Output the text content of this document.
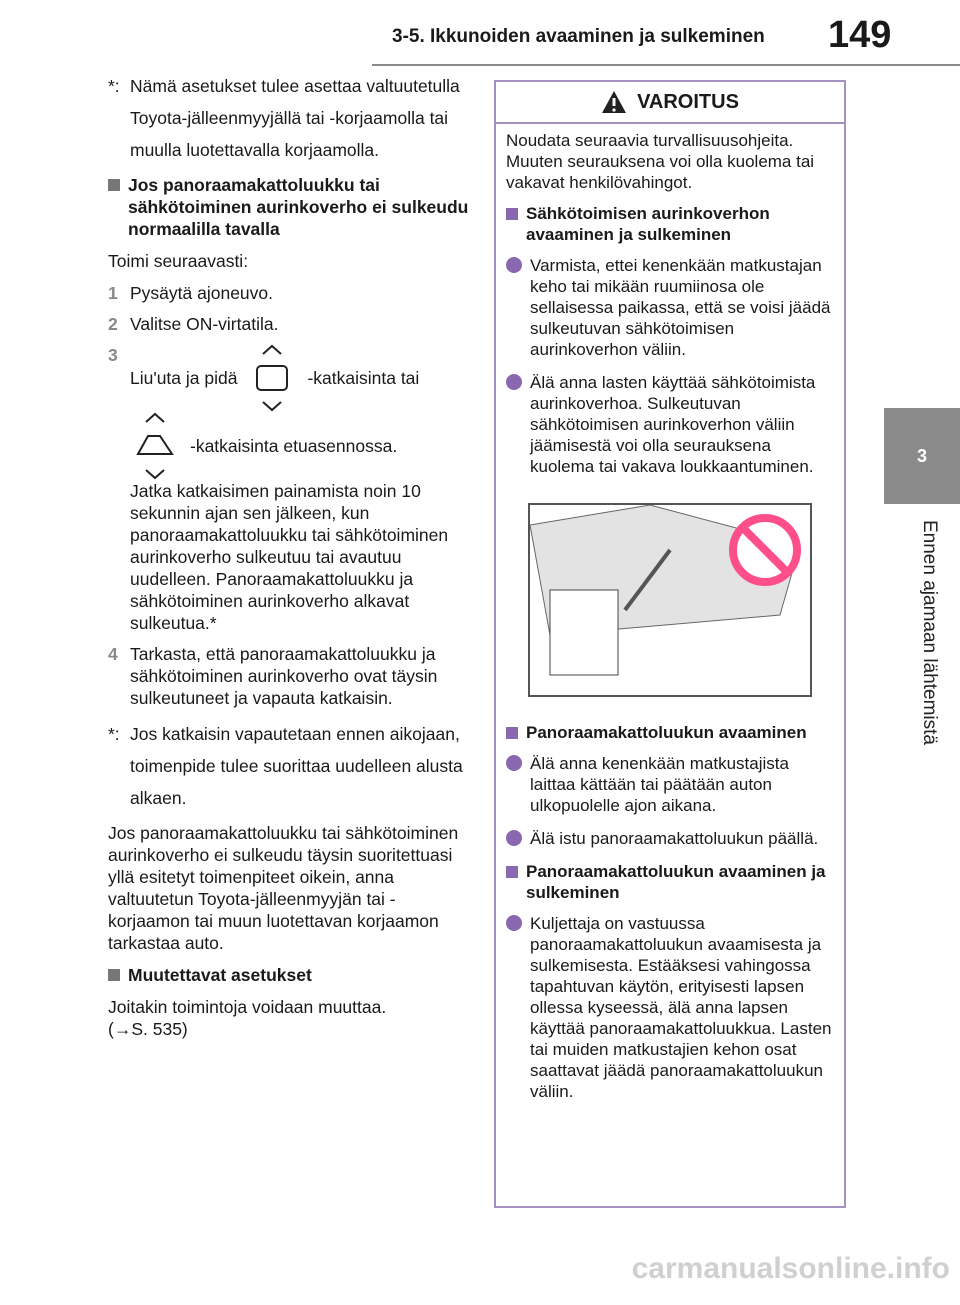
3-5. Ikkunoiden avaaminen ja sulkeminen 149
3
Ennen ajamaan lähtemistä
*: Nämä asetukset tulee asettaa valtuutetulla Toyota-jälleenmyyjällä tai -korjaamolla tai muulla luotettavalla korjaamolla.
Jos panoraamakattoluukku tai sähkötoiminen aurinkoverho ei sulkeudu normaalilla tavalla

Toimi seuraavasti:

1 Pysäytä ajoneuvo.
2 Valitse ON-virtatila.
3
Liu'uta ja pidä	-katkaisinta tai
-katkaisinta etuasennossa.
Jatka katkaisimen painamista noin 10 sekunnin ajan sen jälkeen, kun panoraamakattoluukku tai sähkötoiminen aurinkoverho sulkeutuu tai avautuu uudelleen. Panoraamakattoluukku ja sähkötoiminen aurinkoverho alkavat sulkeutua.*
4 Tarkasta, että panoraamakattoluukku ja sähkötoiminen aurinkoverho ovat täysin sulkeutuneet ja vapauta katkaisin.
*: Jos katkaisin vapautetaan ennen aikojaan, toimenpide tulee suorittaa uudelleen alusta alkaen.

Jos panoraamakattoluukku tai sähkötoiminen aurinkoverho ei sulkeudu täysin suoritettuasi yllä esitetyt toimenpiteet oikein, anna valtuutetun Toyota-jälleenmyyjän tai -korjaamon tai muun luotettavan korjaamon tarkastaa auto.

Muutettavat asetukset

Joitakin toimintoja voidaan muuttaa.

(→S. 535)

VAROITUS

Noudata seuraavia turvallisuusohjeita. Muuten seurauksena voi olla kuolema tai vakavat henkilövahingot.

Sähkötoimisen aurinkoverhon avaaminen ja sulkeminen
Varmista, ettei kenenkään matkustajan keho tai mikään ruumiinosa ole sellaisessa paikassa, että se voisi jäädä sulkeutuvan sähkötoimisen aurinkoverhon väliin.
Älä anna lasten käyttää sähkötoimista aurinkoverhoa. Sulkeutuvan sähkötoimisen aurinkoverhon väliin jäämisestä voi olla seurauksena kuolema tai vakava loukkaantuminen.
Panoraamakattoluukun avaaminen
Älä anna kenenkään matkustajista laittaa kättään tai päätään auton ulkopuolelle ajon aikana.
Älä istu panoraamakattoluukun päällä.
Panoraamakattoluukun avaaminen ja sulkeminen
Kuljettaja on vastuussa panoraamakattoluukun avaamisesta ja sulkemisesta. Estääksesi vahingossa tapahtuvan käytön, erityisesti lapsen ollessa kyseessä, älä anna lapsen käyttää panoraamakattoluukkua. Lasten tai muiden matkustajien kehon osat saattavat jäädä panoraamakattoluukun väliin.
carmanualsonline.info
